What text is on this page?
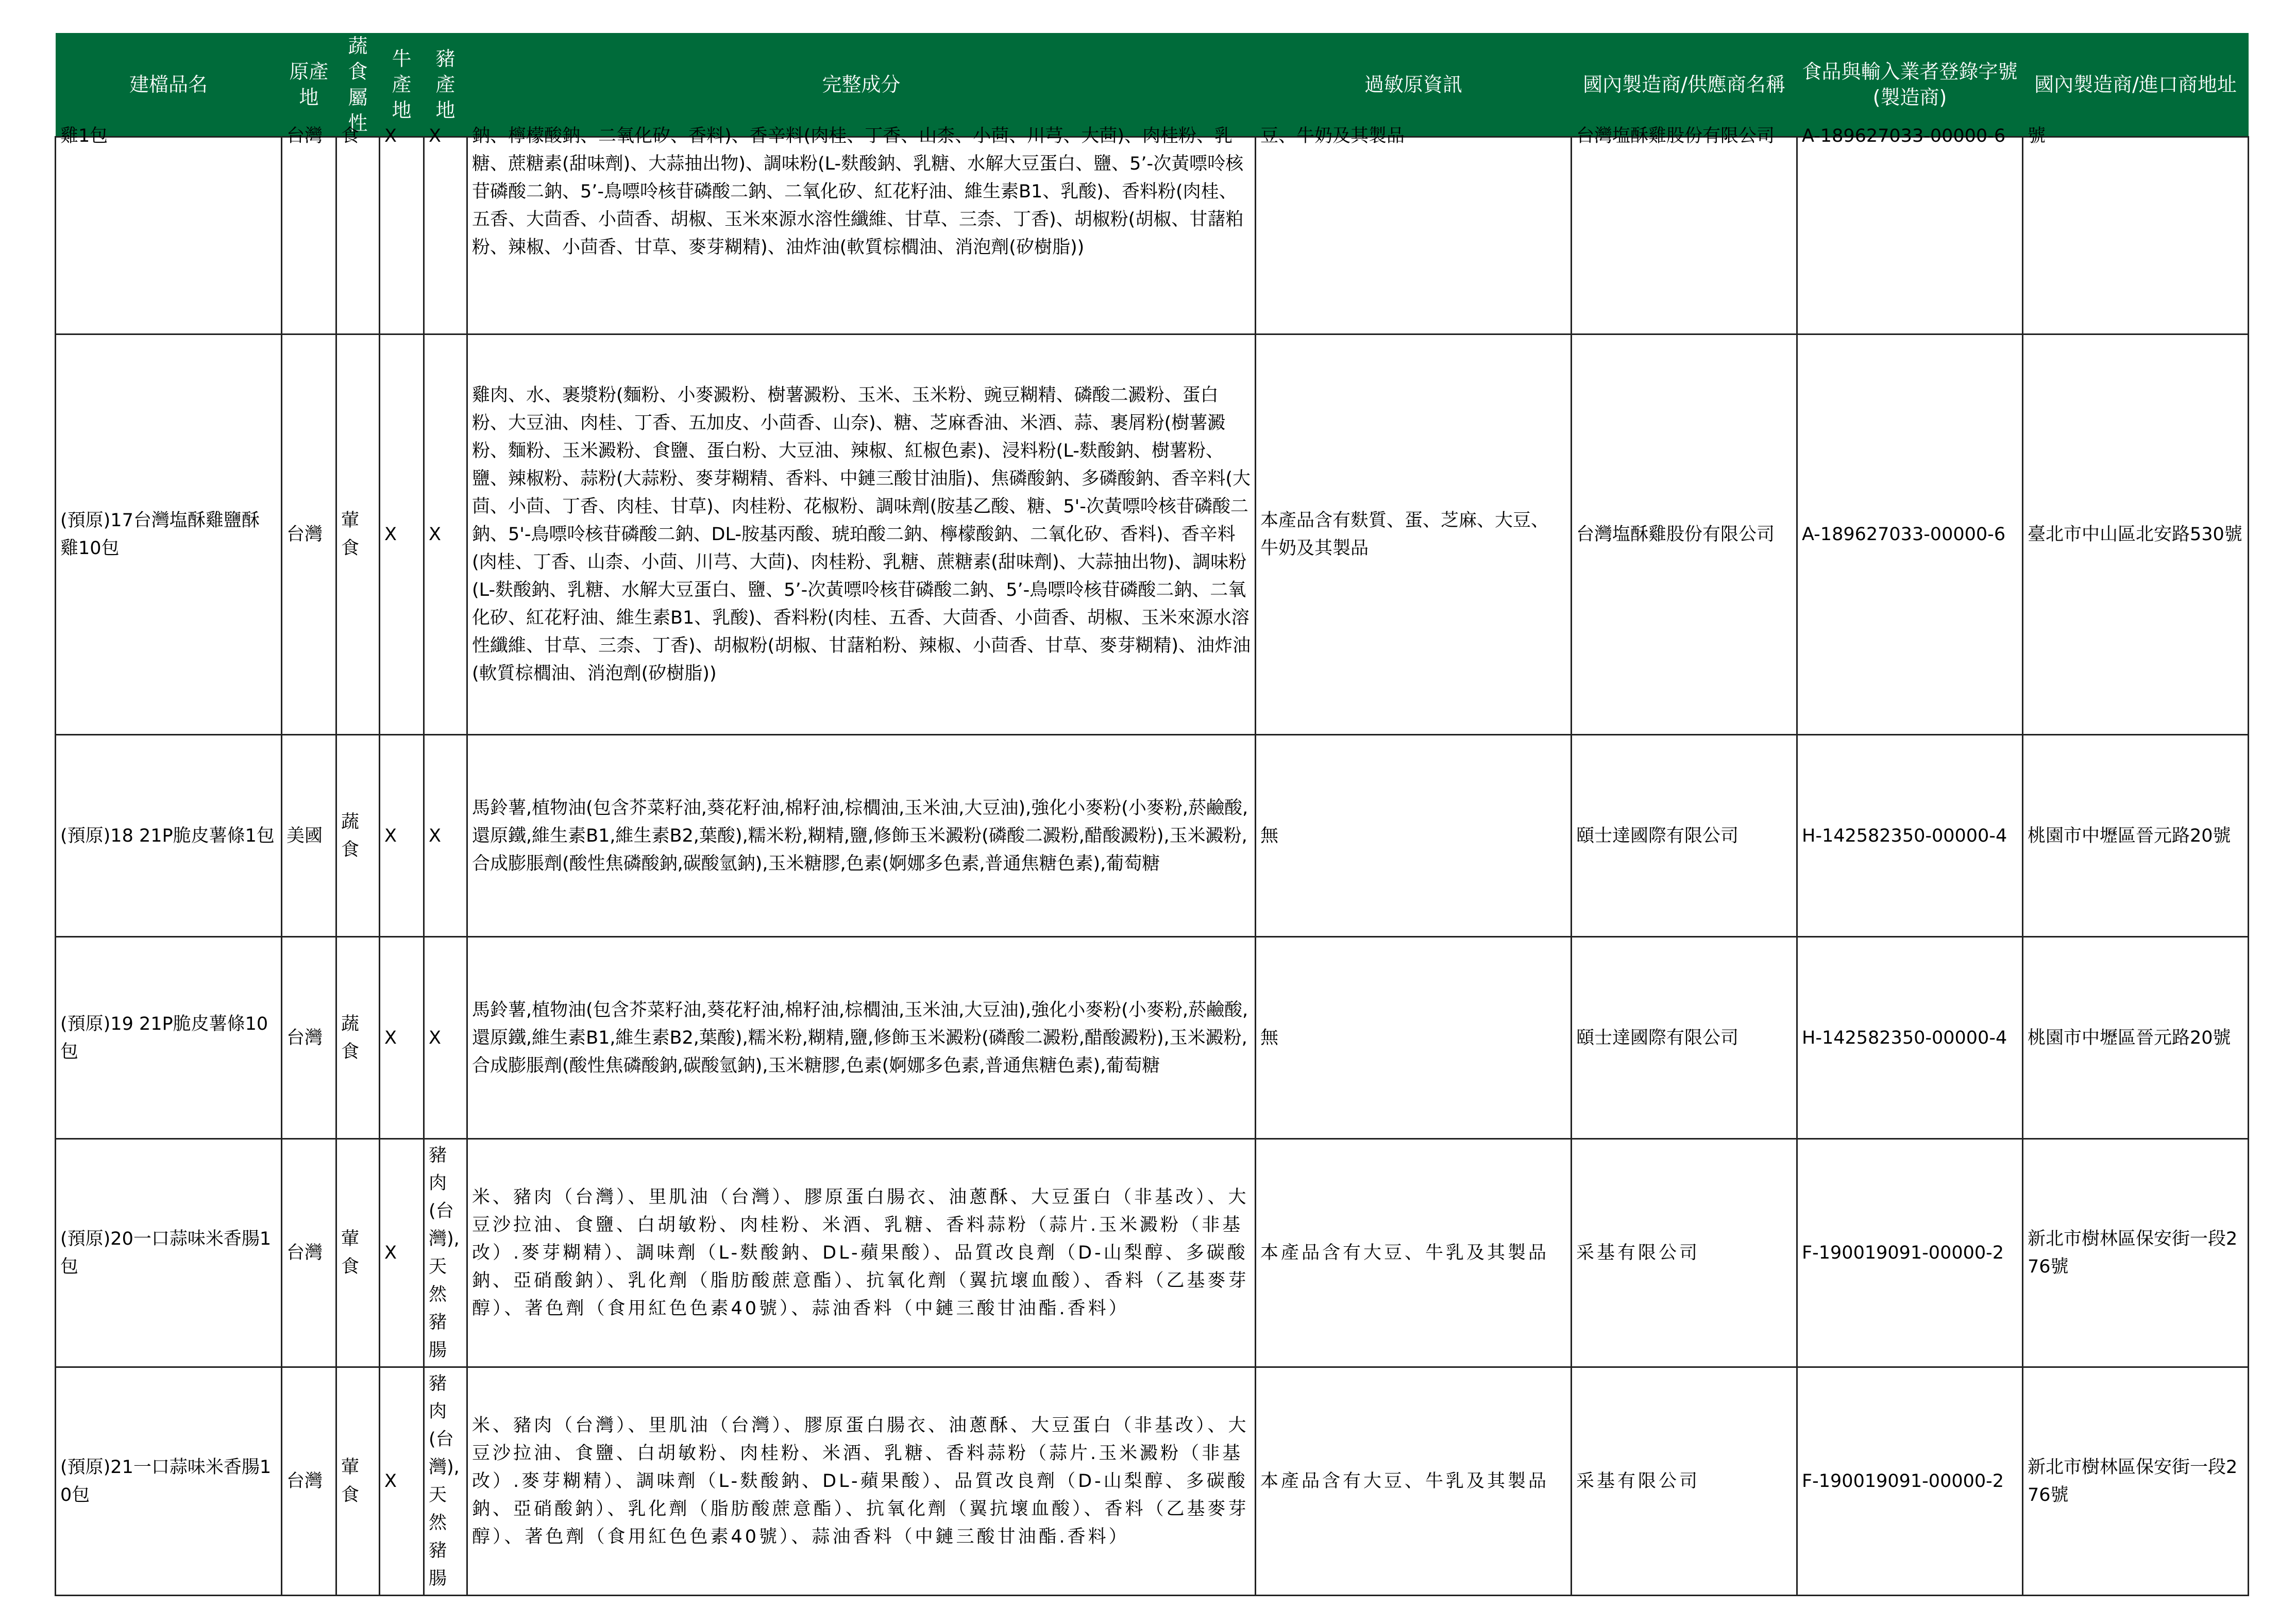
建檔品名	原產地	蔬食屬性	牛產地	豬產地	完整成分	過敏原資訊	國內製造商/供應商名稱	食品與輸入業者登錄字號(製造商)	國內製造商/進口商地址

雞1包	台灣	食	X	X	鈉、檸檬酸鈉、二氧化矽、香料)、香辛料(肉桂、丁香、山柰、小茴、川芎、大茴)、肉桂粉、乳糖、蔗糖素(甜味劑)、大蒜抽出物)、調味粉(L-麩酸鈉、乳糖、水解大豆蛋白、鹽、5’-次黃嘌呤核苷磷酸二鈉、5’-鳥嘌呤核苷磷酸二鈉、二氧化矽、紅花籽油、維生素B1、乳酸)、香料粉(肉桂、五香、大茴香、小茴香、胡椒、玉米來源水溶性纖維、甘草、三柰、丁香)、胡椒粉(胡椒、甘藷粕粉、辣椒、小茴香、甘草、麥芽糊精)、油炸油(軟質棕櫚油、消泡劑(矽樹脂))	豆、牛奶及其製品	台灣塩酥雞股份有限公司	A-189627033-00000-6	號

(預原)17台灣塩酥雞鹽酥雞10包	台灣	葷食	X	X	雞肉、水、裹漿粉(麵粉、小麥澱粉、樹薯澱粉、玉米、玉米粉、豌豆糊精、磷酸二澱粉、蛋白粉、大豆油、肉桂、丁香、五加皮、小茴香、山奈)、糖、芝麻香油、米酒、蒜、裹屑粉(樹薯澱粉、麵粉、玉米澱粉、食鹽、蛋白粉、大豆油、辣椒、紅椒色素)、浸料粉(L-麩酸鈉、樹薯粉、鹽、辣椒粉、蒜粉(大蒜粉、麥芽糊精、香料、中鏈三酸甘油脂)、焦磷酸鈉、多磷酸鈉、香辛料(大茴、小茴、丁香、肉桂、甘草)、肉桂粉、花椒粉、調味劑(胺基乙酸、糖、5'-次黃嘌呤核苷磷酸二鈉、5'-鳥嘌呤核苷磷酸二鈉、DL-胺基丙酸、琥珀酸二鈉、檸檬酸鈉、二氧化矽、香料)、香辛料(肉桂、丁香、山柰、小茴、川芎、大茴)、肉桂粉、乳糖、蔗糖素(甜味劑)、大蒜抽出物)、調味粉(L-麩酸鈉、乳糖、水解大豆蛋白、鹽、5’-次黃嘌呤核苷磷酸二鈉、5’-鳥嘌呤核苷磷酸二鈉、二氧化矽、紅花籽油、維生素B1、乳酸)、香料粉(肉桂、五香、大茴香、小茴香、胡椒、玉米來源水溶性纖維、甘草、三柰、丁香)、胡椒粉(胡椒、甘藷粕粉、辣椒、小茴香、甘草、麥芽糊精)、油炸油(軟質棕櫚油、消泡劑(矽樹脂))	本產品含有麩質、蛋、芝麻、大豆、牛奶及其製品	台灣塩酥雞股份有限公司	A-189627033-00000-6	臺北市中山區北安路530號
(預原)18 21P脆皮薯條1包	美國	蔬食	X	X	馬鈴薯,植物油(包含芥菜籽油,葵花籽油,棉籽油,棕櫚油,玉米油,大豆油),強化小麥粉(小麥粉,菸鹼酸,還原鐵,維生素B1,維生素B2,葉酸),糯米粉,糊精,鹽,修飾玉米澱粉(磷酸二澱粉,醋酸澱粉),玉米澱粉,合成膨脹劑(酸性焦磷酸鈉,碳酸氫鈉),玉米糖膠,色素(婀娜多色素,普通焦糖色素),葡萄糖	無	頤士達國際有限公司	H-142582350-00000-4	桃園市中壢區晉元路20號
(預原)19 21P脆皮薯條10包	台灣	蔬食	X	X	馬鈴薯,植物油(包含芥菜籽油,葵花籽油,棉籽油,棕櫚油,玉米油,大豆油),強化小麥粉(小麥粉,菸鹼酸,還原鐵,維生素B1,維生素B2,葉酸),糯米粉,糊精,鹽,修飾玉米澱粉(磷酸二澱粉,醋酸澱粉),玉米澱粉,合成膨脹劑(酸性焦磷酸鈉,碳酸氫鈉),玉米糖膠,色素(婀娜多色素,普通焦糖色素),葡萄糖	無	頤士達國際有限公司	H-142582350-00000-4	桃園市中壢區晉元路20號
(預原)20一口蒜味米香腸1包	台灣	葷食	X	豬肉(台灣),天然豬腸	米、豬肉（台灣）、里肌油（台灣）、膠原蛋白腸衣、油蔥酥、大豆蛋白（非基改）、大豆沙拉油、食鹽、白胡敏粉、肉桂粉、米酒、乳糖、香料蒜粉（蒜片.玉米澱粉（非基改）.麥芽糊精）、調味劑（L-麩酸鈉、DL-蘋果酸）、品質改良劑（D-山梨醇、多碳酸鈉、亞硝酸鈉）、乳化劑（脂肪酸蔗意酯）、抗氧化劑（翼抗壞血酸）、香料（乙基麥芽醇）、著色劑（食用紅色色素40號）、蒜油香料（中鏈三酸甘油酯.香料）	本產品含有大豆、牛乳及其製品	采基有限公司	F-190019091-00000-2	新北市樹林區保安街一段276號
(預原)21一口蒜味米香腸10包	台灣	葷食	X	豬肉(台灣),天然豬腸	米、豬肉（台灣）、里肌油（台灣）、膠原蛋白腸衣、油蔥酥、大豆蛋白（非基改）、大豆沙拉油、食鹽、白胡敏粉、肉桂粉、米酒、乳糖、香料蒜粉（蒜片.玉米澱粉（非基改）.麥芽糊精）、調味劑（L-麩酸鈉、DL-蘋果酸）、品質改良劑（D-山梨醇、多碳酸鈉、亞硝酸鈉）、乳化劑（脂肪酸蔗意酯）、抗氧化劑（翼抗壞血酸）、香料（乙基麥芽醇）、著色劑（食用紅色色素40號）、蒜油香料（中鏈三酸甘油酯.香料）	本產品含有大豆、牛乳及其製品	采基有限公司	F-190019091-00000-2	新北市樹林區保安街一段276號
